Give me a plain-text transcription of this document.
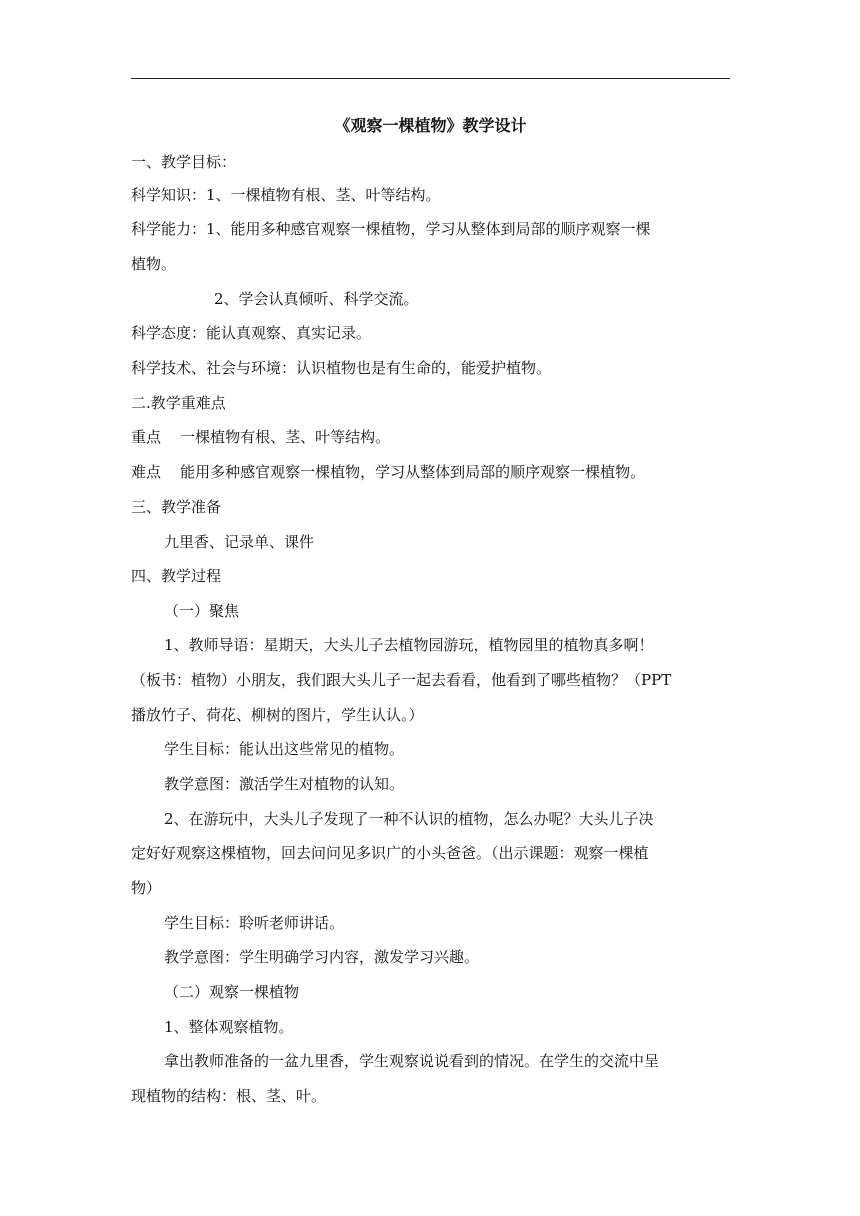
《观察一棵植物》教学设计

一、教学目标：

科学知识：1、一棵植物有根、茎、叶等结构。

科学能力：1、能用多种感官观察一棵植物，学习从整体到局部的顺序观察一棵

植物。

2、学会认真倾听、科学交流。

科学态度：能认真观察、真实记录。

科学技术、社会与环境：认识植物也是有生命的，能爱护植物。

二.教学重难点

重点    一棵植物有根、茎、叶等结构。

难点    能用多种感官观察一棵植物，学习从整体到局部的顺序观察一棵植物。

三、教学准备

九里香、记录单、课件

四、教学过程

（一）聚焦

1、教师导语：星期天，大头儿子去植物园游玩，植物园里的植物真多啊！

（板书：植物）小朋友，我们跟大头儿子一起去看看，他看到了哪些植物？（PPT

播放竹子、荷花、柳树的图片，学生认认。）

学生目标：能认出这些常见的植物。

教学意图：激活学生对植物的认知。

2、在游玩中，大头儿子发现了一种不认识的植物，怎么办呢？大头儿子决

定好好观察这棵植物，回去问问见多识广的小头爸爸。（出示课题：观察一棵植

物）

学生目标：聆听老师讲话。

教学意图：学生明确学习内容，激发学习兴趣。

（二）观察一棵植物

1、整体观察植物。

拿出教师准备的一盆九里香，学生观察说说看到的情况。在学生的交流中呈

现植物的结构：根、茎、叶。
